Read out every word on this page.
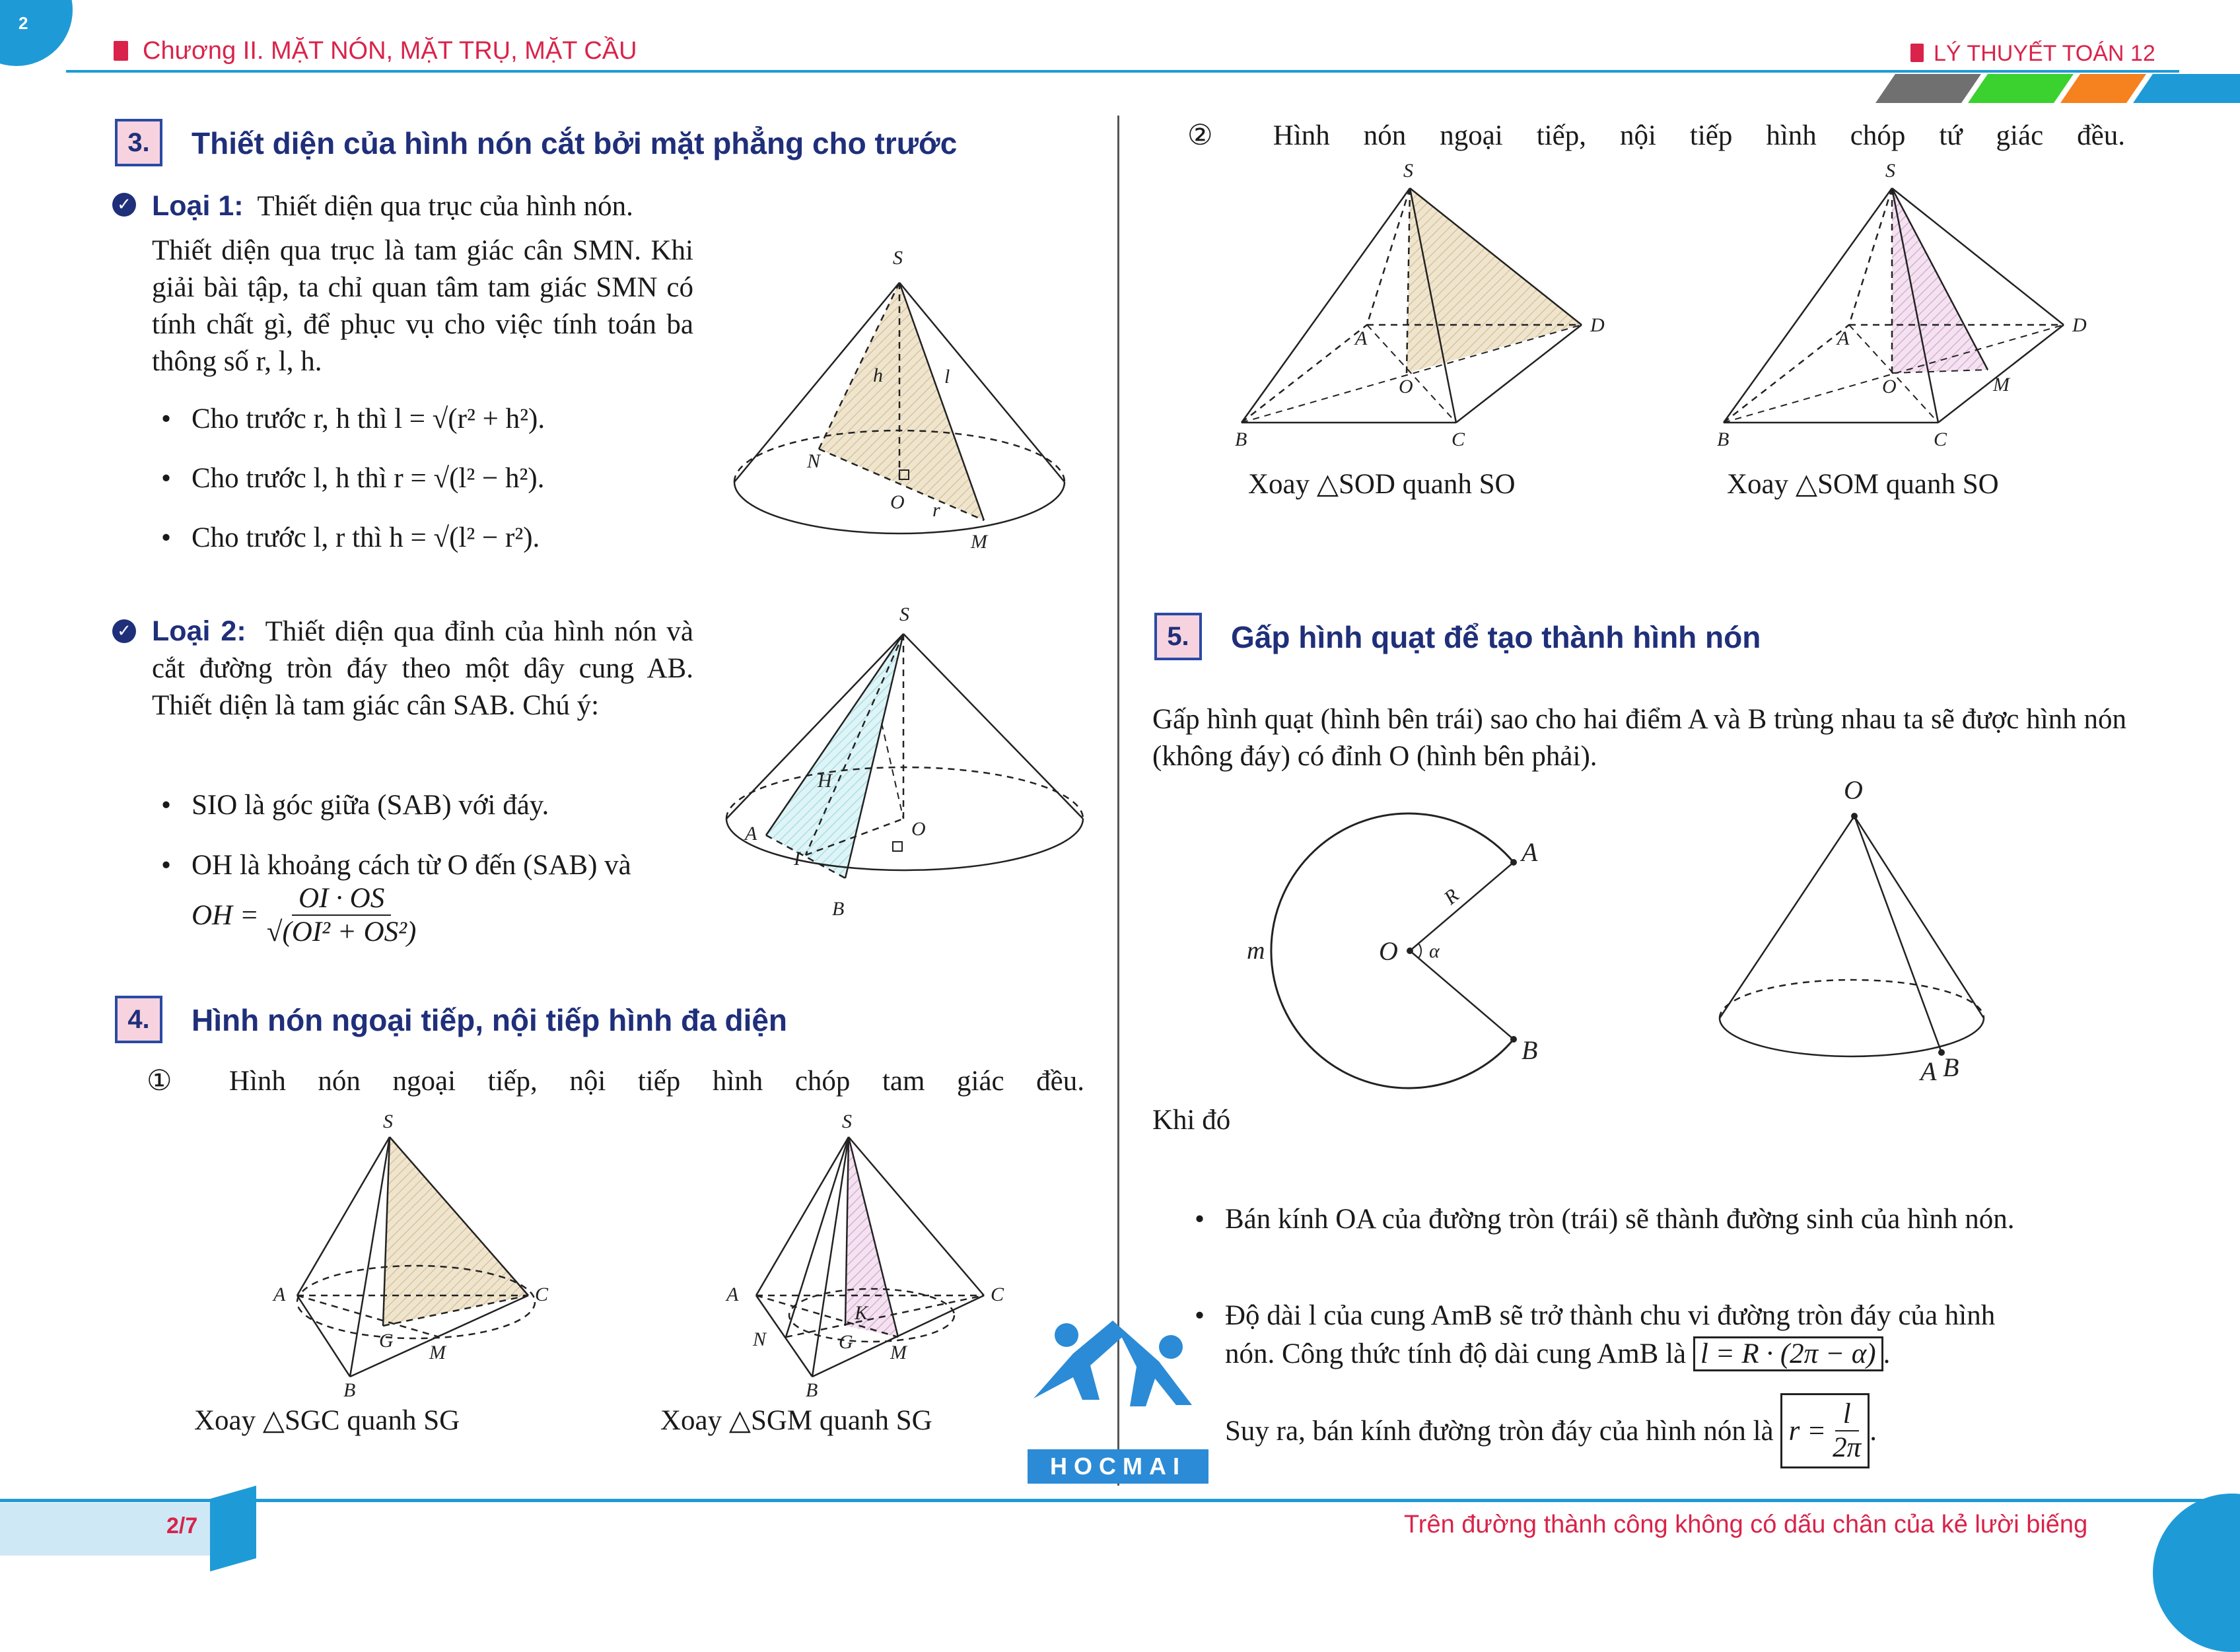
2
Chương II. MẶT NÓN, MẶT TRỤ, MẶT CẦU	LÝ THUYẾT TOÁN 12
3.	Thiết diện của hình nón cắt bởi mặt phẳng cho trước
✓ Loại 1: Thiết diện qua trục của hình nón.
Thiết diện qua trục là tam giác cân SMN. Khi giải bài tập, ta chỉ quan tâm tam giác SMN có tính chất gì, để phục vụ cho việc tính toán ba thông số r, l, h.
• Cho trước r, h thì l = √(r² + h²).
• Cho trước l, h thì r = √(l² − h²).
• Cho trước l, r thì h = √(l² − r²).
S
h	l
N
O r
M
✓ Loại 2: Thiết diện qua đỉnh của hình nón và cắt đường tròn đáy theo một dây cung AB. Thiết diện là tam giác cân SAB. Chú ý:
• SIO là góc giữa (SAB) với đáy.
• OH là khoảng cách từ O đến (SAB) và
OH = $\frac{OI \cdot OS}{\text{√(OI² + OS²)}}$
S
H
A
I
O
B
4.	Hình nón ngoại tiếp, nội tiếp hình đa diện
① Hình nón ngoại tiếp, nội tiếp hình chóp tam giác đều.
S
A	C
G
M
B
Xoay △SGC quanh SG
S
A	C
K
N	G M
B
Xoay △SGM quanh SG
② Hình nón ngoại tiếp, nội tiếp hình chóp tứ giác đều.
S
A
D
O
B	C
Xoay △SOD quanh SO
S
A
D
O	M
B	C
Xoay △SOM quanh SO
5.	Gấp hình quạt để tạo thành hình nón
Gấp hình quạt (hình bên trái) sao cho hai điểm A và B trùng nhau ta sẽ được hình nón (không đáy) có đỉnh O (hình bên phải).
A
B
O
R
α
m
O
A B
Khi đó
• Bán kính OA của đường tròn (trái) sẽ thành đường sinh của hình nón.
• Độ dài l của cung AmB sẽ trở thành chu vi đường tròn đáy của hình
nón. Công thức tính độ dài cung AmB là l = R · (2π − α) .
Suy ra, bán kính đường tròn đáy của hình nón là $r = \frac{l}{2\pi}$ .
HOCMAI
2/7	Trên đường thành công không có dấu chân của kẻ lười biếng
